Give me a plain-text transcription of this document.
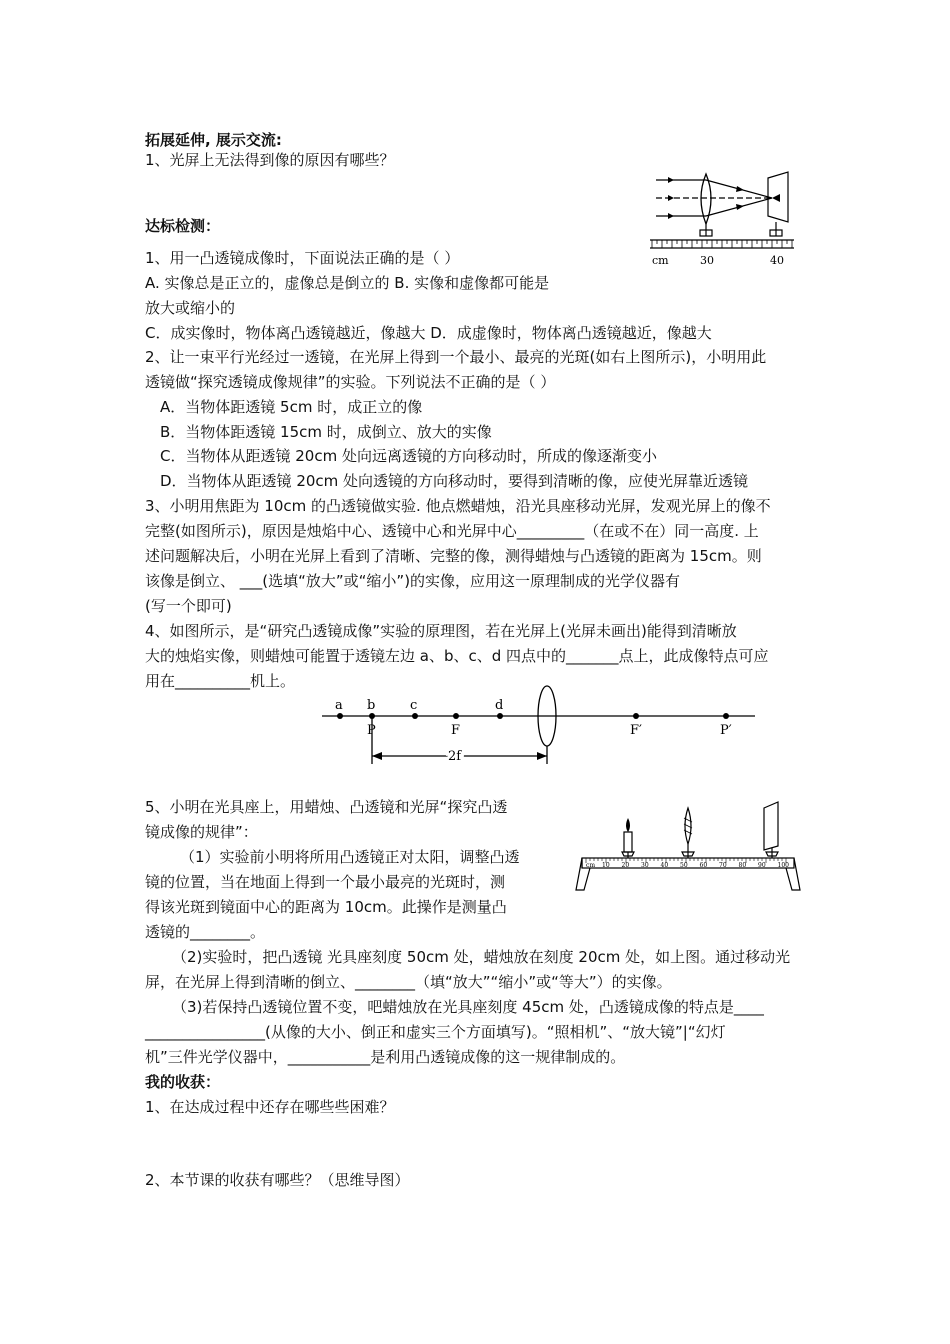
拓展延伸, 展示交流:
1、光屏上无法得到像的原因有哪些？
达标检测：
1、用一凸透镜成像时，下面说法正确的是（ ）
A. 实像总是正立的，虚像总是倒立的 B. 实像和虚像都可能是
放大或缩小的
C．成实像时，物体离凸透镜越近，像越大 D．成虚像时，物体离凸透镜越近，像越大
2、让一束平行光经过一透镜，在光屏上得到一个最小、最亮的光斑(如右上图所示)，小明用此
透镜做“探究透镜成像规律”的实验。下列说法不正确的是（ ）
A．当物体距透镜 5cm 时，成正立的像
B．当物体距透镜 15cm 时，成倒立、放大的实像
C．当物体从距透镜 20cm 处向远离透镜的方向移动时，所成的像逐渐变小
D．当物体从距透镜 20cm 处向透镜的方向移动时，要得到清晰的像，应使光屏靠近透镜
3、小明用焦距为 10cm 的凸透镜做实验. 他点燃蜡烛，沿光具座移动光屏，发观光屏上的像不
完整(如图所示)，原因是烛焰中心、透镜中心和光屏中心_________（在或不在）同一高度. 上
述问题解决后，小明在光屏上看到了清晰、完整的像，测得蜡烛与凸透镜的距离为 15cm。则
该像是倒立、 ___(选填“放大”或“缩小”)的实像，应用这一原理制成的光学仪器有
(写一个即可)
4、如图所示，是“研究凸透镜成像”实验的原理图，若在光屏上(光屏未画出)能得到清晰放
大的烛焰实像，则蜡烛可能置于透镜左边 a、b、c、d 四点中的_______点上，此成像特点可应
用在__________机上。
5、小明在光具座上，用蜡烛、凸透镜和光屏“探究凸透
镜成像的规律”：
（1）实验前小明将所用凸透镜正对太阳，调整凸透
镜的位置，当在地面上得到一个最小最亮的光斑时，测
得该光斑到镜面中心的距离为 10cm。此操作是测量凸
透镜的________。
（2)实验时，把凸透镜 光具座刻度 50cm 处，蜡烛放在刻度 20cm 处，如上图。通过移动光
屏，在光屏上得到清晰的倒立、________（填“放大”“缩小”或“等大”）的实像。
（3)若保持凸透镜位置不变，吧蜡烛放在光具座刻度 45cm 处，凸透镜成像的特点是____
________________(从像的大小、倒正和虚实三个方面填写)。“照相机”、“放大镜”|“幻灯
机”三件光学仪器中，___________是利用凸透镜成像的这一规律制成的。
我的收获：
1、在达成过程中还存在哪些些困难？
2、本节课的收获有哪些？（思维导图）
cm	30	40
a b	c	d
P	F	F′	P′
2f
cm 10 20 30 40 50 60 70 80 90 100
